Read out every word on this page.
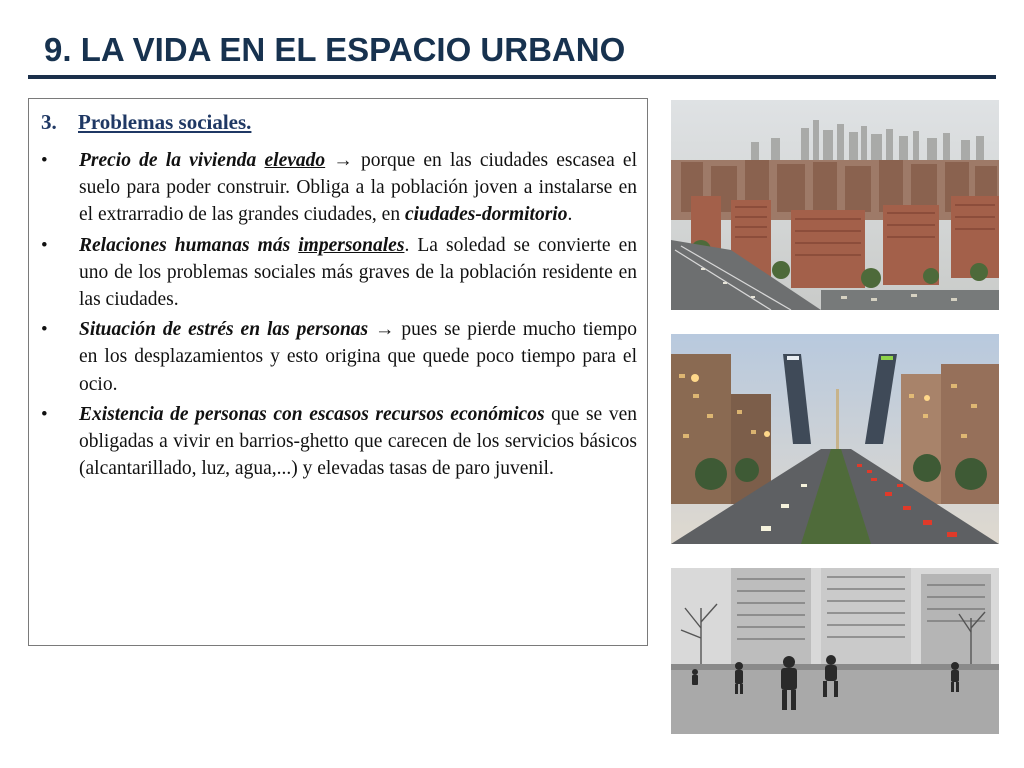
9. LA VIDA EN EL ESPACIO URBANO
3. Problemas sociales.
• Precio de la vivienda elevado → porque en las ciudades escasea el suelo para poder construir. Obliga a la población joven a instalarse en el extrarradio de las grandes ciudades, en ciudades-dormitorio.
• Relaciones humanas más impersonales. La soledad se convierte en uno de los problemas sociales más graves de la población residente en las ciudades.
• Situación de estrés en las personas → pues se pierde mucho tiempo en los desplazamientos y esto origina que quede poco tiempo para el ocio.
• Existencia de personas con escasos recursos económicos que se ven obligadas a vivir en barrios-ghetto que carecen de los servicios básicos (alcantarillado, luz, agua,...) y elevadas tasas de paro juvenil.
